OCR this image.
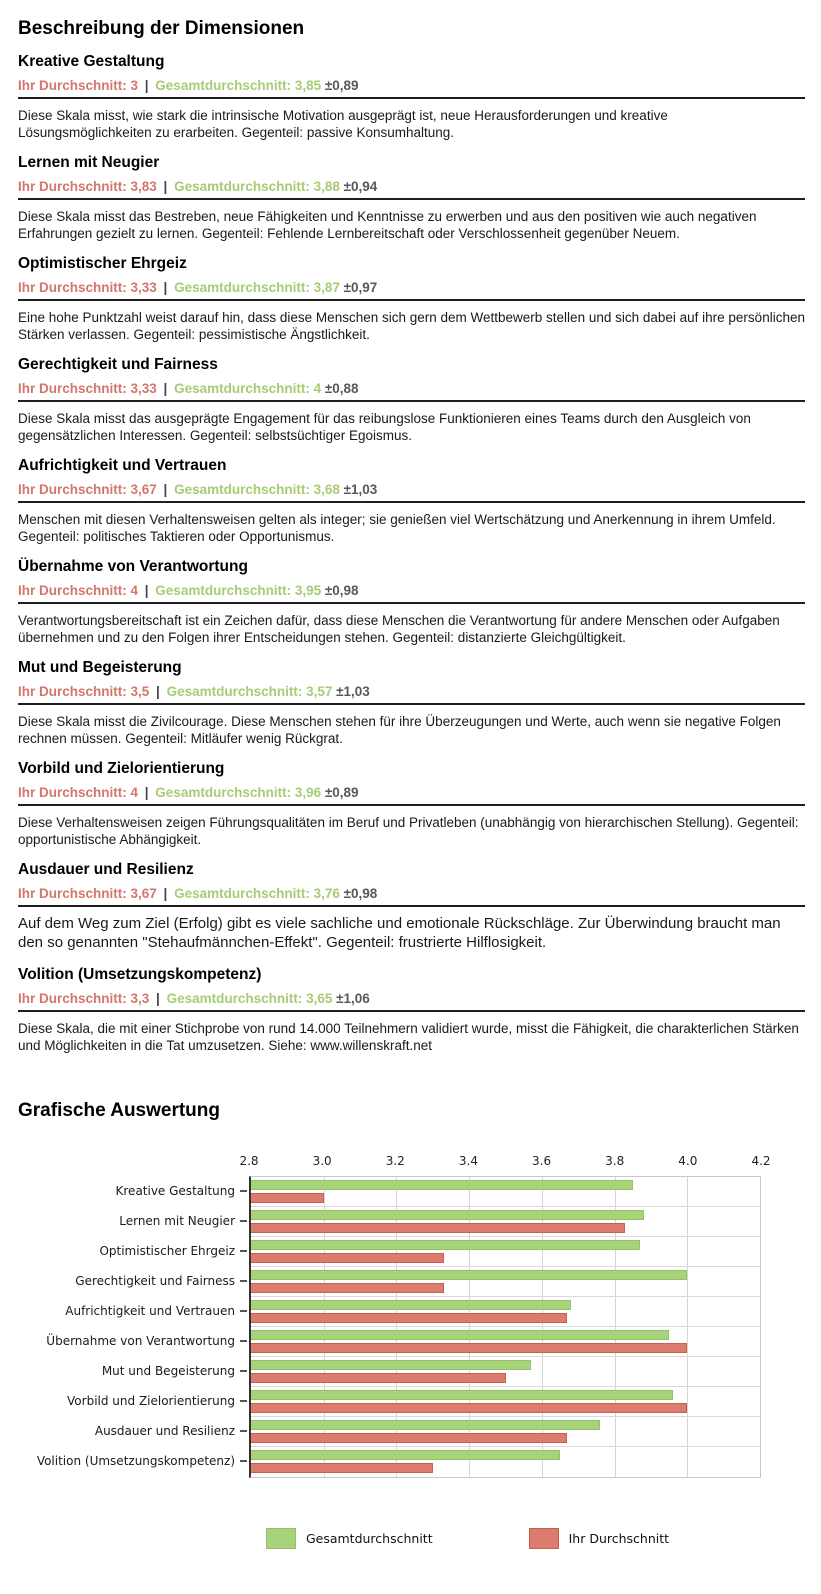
Beschreibung der Dimensionen
Kreative Gestaltung
Ihr Durchschnitt: 3 | Gesamtdurchschnitt: 3,85 ±0,89

Diese Skala misst, wie stark die intrinsische Motivation ausgeprägt ist, neue Herausforderungen und kreative Lösungsmöglichkeiten zu erarbeiten. Gegenteil: passive Konsumhaltung.

Lernen mit Neugier
Ihr Durchschnitt: 3,83 | Gesamtdurchschnitt: 3,88 ±0,94

Diese Skala misst das Bestreben, neue Fähigkeiten und Kenntnisse zu erwerben und aus den positiven wie auch negativen Erfahrungen gezielt zu lernen. Gegenteil: Fehlende Lernbereitschaft oder Verschlossenheit gegenüber Neuem.

Optimistischer Ehrgeiz
Ihr Durchschnitt: 3,33 | Gesamtdurchschnitt: 3,87 ±0,97

Eine hohe Punktzahl weist darauf hin, dass diese Menschen sich gern dem Wettbewerb stellen und sich dabei auf ihre persönlichen Stärken verlassen. Gegenteil: pessimistische Ängstlichkeit.

Gerechtigkeit und Fairness
Ihr Durchschnitt: 3,33 | Gesamtdurchschnitt: 4 ±0,88

Diese Skala misst das ausgeprägte Engagement für das reibungslose Funktionieren eines Teams durch den Ausgleich von gegensätzlichen Interessen. Gegenteil: selbstsüchtiger Egoismus.

Aufrichtigkeit und Vertrauen
Ihr Durchschnitt: 3,67 | Gesamtdurchschnitt: 3,68 ±1,03

Menschen mit diesen Verhaltensweisen gelten als integer; sie genießen viel Wertschätzung und Anerkennung in ihrem Umfeld. Gegenteil: politisches Taktieren oder Opportunismus.

Übernahme von Verantwortung
Ihr Durchschnitt: 4 | Gesamtdurchschnitt: 3,95 ±0,98

Verantwortungsbereitschaft ist ein Zeichen dafür, dass diese Menschen die Verantwortung für andere Menschen oder Aufgaben übernehmen und zu den Folgen ihrer Entscheidungen stehen. Gegenteil: distanzierte Gleichgültigkeit.

Mut und Begeisterung
Ihr Durchschnitt: 3,5 | Gesamtdurchschnitt: 3,57 ±1,03

Diese Skala misst die Zivilcourage. Diese Menschen stehen für ihre Überzeugungen und Werte, auch wenn sie negative Folgen rechnen müssen. Gegenteil: Mitläufer wenig Rückgrat.

Vorbild und Zielorientierung
Ihr Durchschnitt: 4 | Gesamtdurchschnitt: 3,96 ±0,89

Diese Verhaltensweisen zeigen Führungsqualitäten im Beruf und Privatleben (unabhängig von hierarchischen Stellung). Gegenteil: opportunistische Abhängigkeit.

Ausdauer und Resilienz
Ihr Durchschnitt: 3,67 | Gesamtdurchschnitt: 3,76 ±0,98

Auf dem Weg zum Ziel (Erfolg) gibt es viele sachliche und emotionale Rückschläge. Zur Überwindung braucht man den so genannten "Stehaufmännchen-Effekt". Gegenteil: frustrierte Hilflosigkeit.

Volition (Umsetzungskompetenz)
Ihr Durchschnitt: 3,3 | Gesamtdurchschnitt: 3,65 ±1,06

Diese Skala, die mit einer Stichprobe von rund 14.000 Teilnehmern validiert wurde, misst die Fähigkeit, die charakterlichen Stärken und Möglichkeiten in die Tat umzusetzen. Siehe: www.willenskraft.net

Grafische Auswertung
2.8	3.0	3.2	3.4	3.6	3.8	4.0	4.2
Kreative Gestaltung
Lernen mit Neugier
Optimistischer Ehrgeiz
Gerechtigkeit und Fairness
Aufrichtigkeit und Vertrauen
Übernahme von Verantwortung
Mut und Begeisterung
Vorbild und Zielorientierung
Ausdauer und Resilienz
Volition (Umsetzungskompetenz)
Gesamtdurchschnitt	Ihr Durchschnitt
